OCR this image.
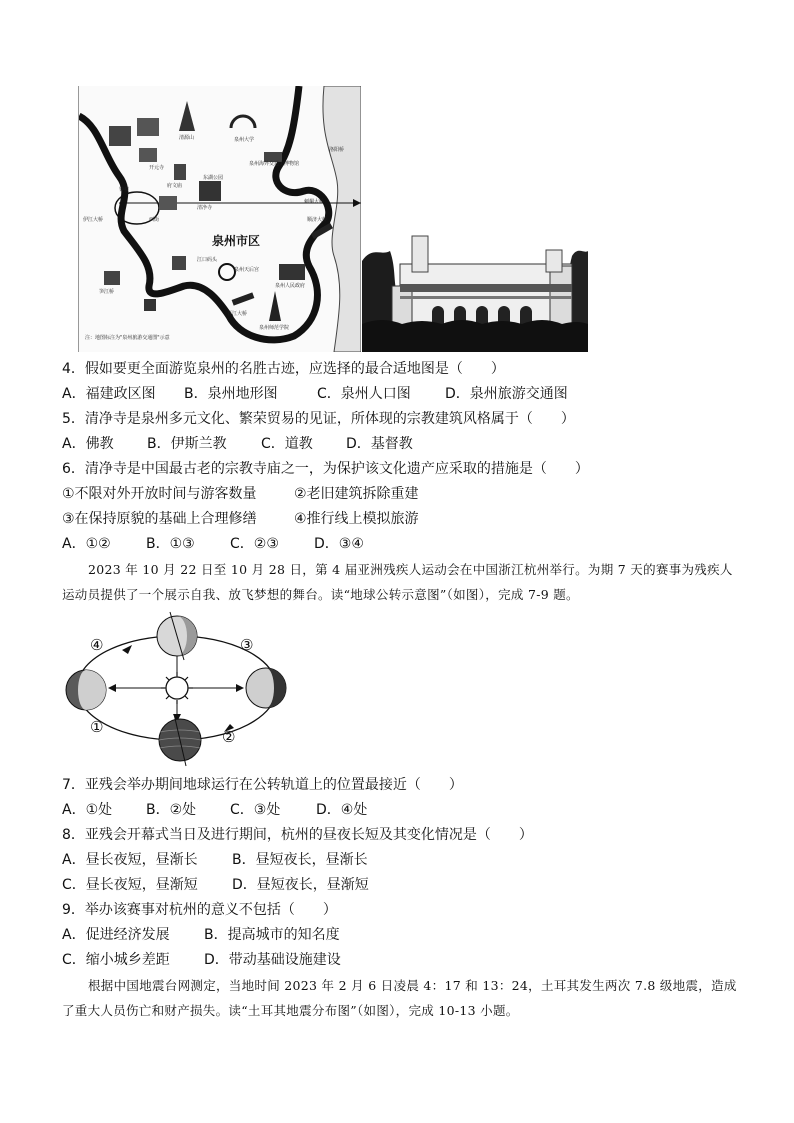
泉州市区
清源山
开元寺
泉州大学
泉州海外交通史博物馆
钟楼
府文庙
清净寺
伊江大桥
笋江桥
江口码头
泉州天后宫
顺济大桥
晋江大桥
泉州师范学院
刺桐大桥
泉州人民政府
东湖公园
西街
洛阳桥
注：地图标注为"泉州旅游交通图"示意
4．假如要更全面游览泉州的名胜古迹，应选择的最合适地图是（　　）
A．福建政区图 B．泉州地形图	C．泉州人口图 D．泉州旅游交通图
5．清净寺是泉州多元文化、繁荣贸易的见证，所体现的宗教建筑风格属于（　　）
A．佛教 B．伊斯兰教 C．道教 D．基督教
6．清净寺是中国最古老的宗教寺庙之一，为保护该文化遗产应采取的措施是（　　）
①不限对外开放时间与游客数量	②老旧建筑拆除重建
③在保持原貌的基础上合理修缮	④推行线上模拟旅游
A．①②	B．①③	C．②③	D．③④
2023 年 10 月 22 日至 10 月 28 日，第 4 届亚洲残疾人运动会在中国浙江杭州举行。为期 7 天的赛事为残疾人运动员提供了一个展示自我、放飞梦想的舞台。读“地球公转示意图”（如图），完成 7-9 题。
④	③
①
②
7．亚残会举办期间地球运行在公转轨道上的位置最接近（　　）
A．①处 B．②处 C．③处	D．④处
8．亚残会开幕式当日及进行期间，杭州的昼夜长短及其变化情况是（　　）
A．昼长夜短，昼渐长 B．昼短夜长，昼渐长
C．昼长夜短，昼渐短 D．昼短夜长，昼渐短
9．举办该赛事对杭州的意义不包括（　　）
A．促进经济发展 B．提高城市的知名度
C．缩小城乡差距 D．带动基础设施建设
根据中国地震台网测定，当地时间 2023 年 2 月 6 日凌晨 4：17 和 13：24，土耳其发生两次 7.8 级地震，造成了重大人员伤亡和财产损失。读“土耳其地震分布图”（如图），完成 10-13 小题。
